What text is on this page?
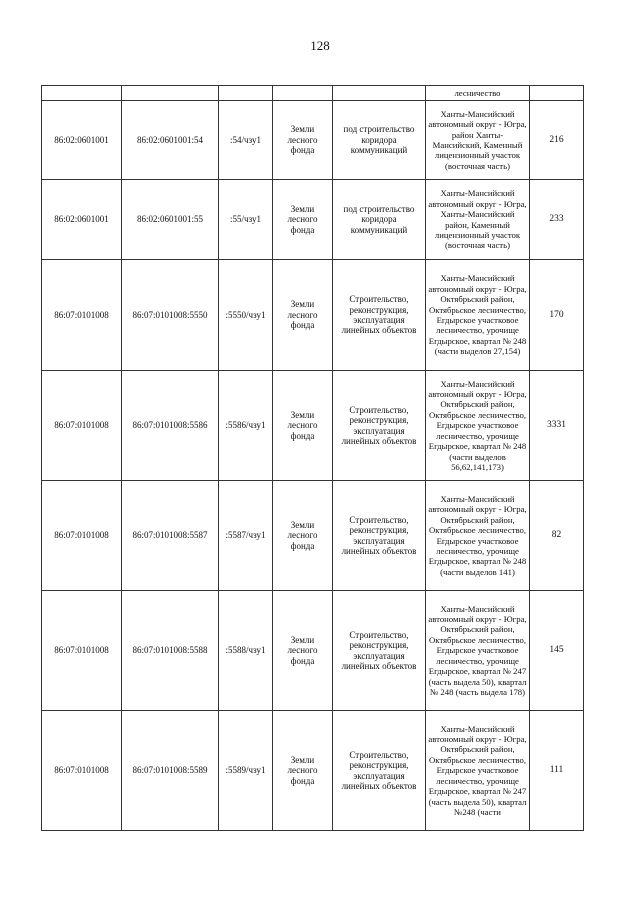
128
					лесничество	
86:02:0601001	86:02:0601001:54	:54/чзу1	Земли лесного фонда	под строительство коридора коммуникаций	Ханты-Мансийский автономный округ - Югра, район Ханты-Мансийский, Каменный лицензионный участок (восточная часть)	216
86:02:0601001	86:02:0601001:55	:55/чзу1	Земли лесного фонда	под строительство коридора коммуникаций	Ханты-Мансийский автономный округ - Югра, Ханты-Мансийский район, Каменный лицензионный участок (восточная часть)	233
86:07:0101008	86:07:0101008:5550	:5550/чзу1	Земли лесного фонда	Строительство, реконструкция, эксплуатация линейных объектов	Ханты-Мансийский автономный округ - Югра, Октябрьский район, Октябрьское лесничество, Егдырское участковое лесничество, урочище Егдырское, квартал № 248 (части выделов 27,154)	170
86:07:0101008	86:07:0101008:5586	:5586/чзу1	Земли лесного фонда	Строительство, реконструкция, эксплуатация линейных объектов	Ханты-Мансийский автономный округ - Югра, Октябрьский район, Октябрьское лесничество, Егдырское участковое лесничество, урочище Егдырское, квартал № 248 (части выделов 56,62,141,173)	3331
86:07:0101008	86:07:0101008:5587	:5587/чзу1	Земли лесного фонда	Строительство, реконструкция, эксплуатация линейных объектов	Ханты-Мансийский автономный округ - Югра, Октябрьский район, Октябрьское лесничество, Егдырское участковое лесничество, урочище Егдырское, квартал № 248 (части выделов 141)	82
86:07:0101008	86:07:0101008:5588	:5588/чзу1	Земли лесного фонда	Строительство, реконструкция, эксплуатация линейных объектов	Ханты-Мансийский автономный округ - Югра, Октябрьский район, Октябрьское лесничество, Егдырское участковое лесничество, урочище Егдырское, квартал № 247 (часть выдела 50), квартал № 248 (часть выдела 178)	145
86:07:0101008	86:07:0101008:5589	:5589/чзу1	Земли лесного фонда	Строительство, реконструкция, эксплуатация линейных объектов	Ханты-Мансийский автономный округ - Югра, Октябрьский район, Октябрьское лесничество, Егдырское участковое лесничество, урочище Егдырское, квартал № 247 (часть выдела 50), квартал №248 (части	111
